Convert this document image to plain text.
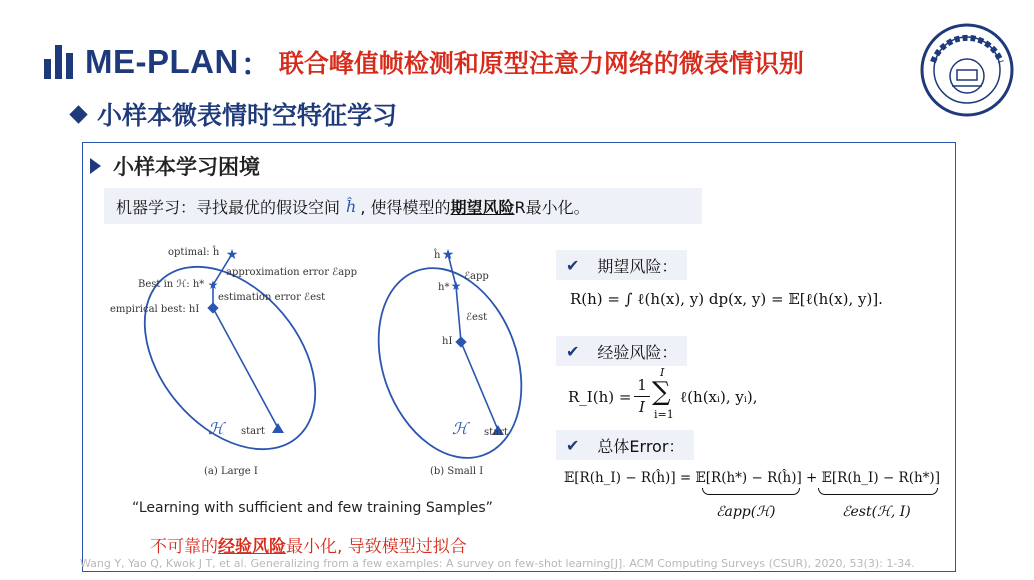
ME-PLAN ： 联合峰值帧检测和原型注意力网络的微表情识别
小样本微表情时空特征学习
小样本学习困境
机器学习：寻找最优的假设空间 ĥ , 使得模型的 期望风险 R最小化。
★
★
optimal: ĥ
approximation error ℰapp
Best in ℋ: h*
estimation error ℰest
empirical best: hI
ℋ start
(a) Large I
★
★
ĥ
ℰapp
h*
ℰest
hI
ℋ start
(b) Small I
✔ 期望风险：
R(h) = ∫ ℓ(h(x), y) dp(x, y) = 𝔼[ℓ(h(x), y)].
✔ 经验风险：
R_I(h) =
1
I
I
∑
i=1
ℓ(h(xᵢ), yᵢ),
✔ 总体Error：
𝔼[R(h_I) − R(ĥ)] = 𝔼[R(h*) − R(ĥ)] + 𝔼[R(h_I) − R(h*)]
ℰapp(ℋ)	ℰest(ℋ, I)
“Learning with sufficient and few training Samples”
不可靠的经验风险最小化, 导致模型过拟合
Wang Y, Yao Q, Kwok J T, et al. Generalizing from a few examples: A survey on few-shot learning[J]. ACM Computing Surveys (CSUR), 2020, 53(3): 1-34.
